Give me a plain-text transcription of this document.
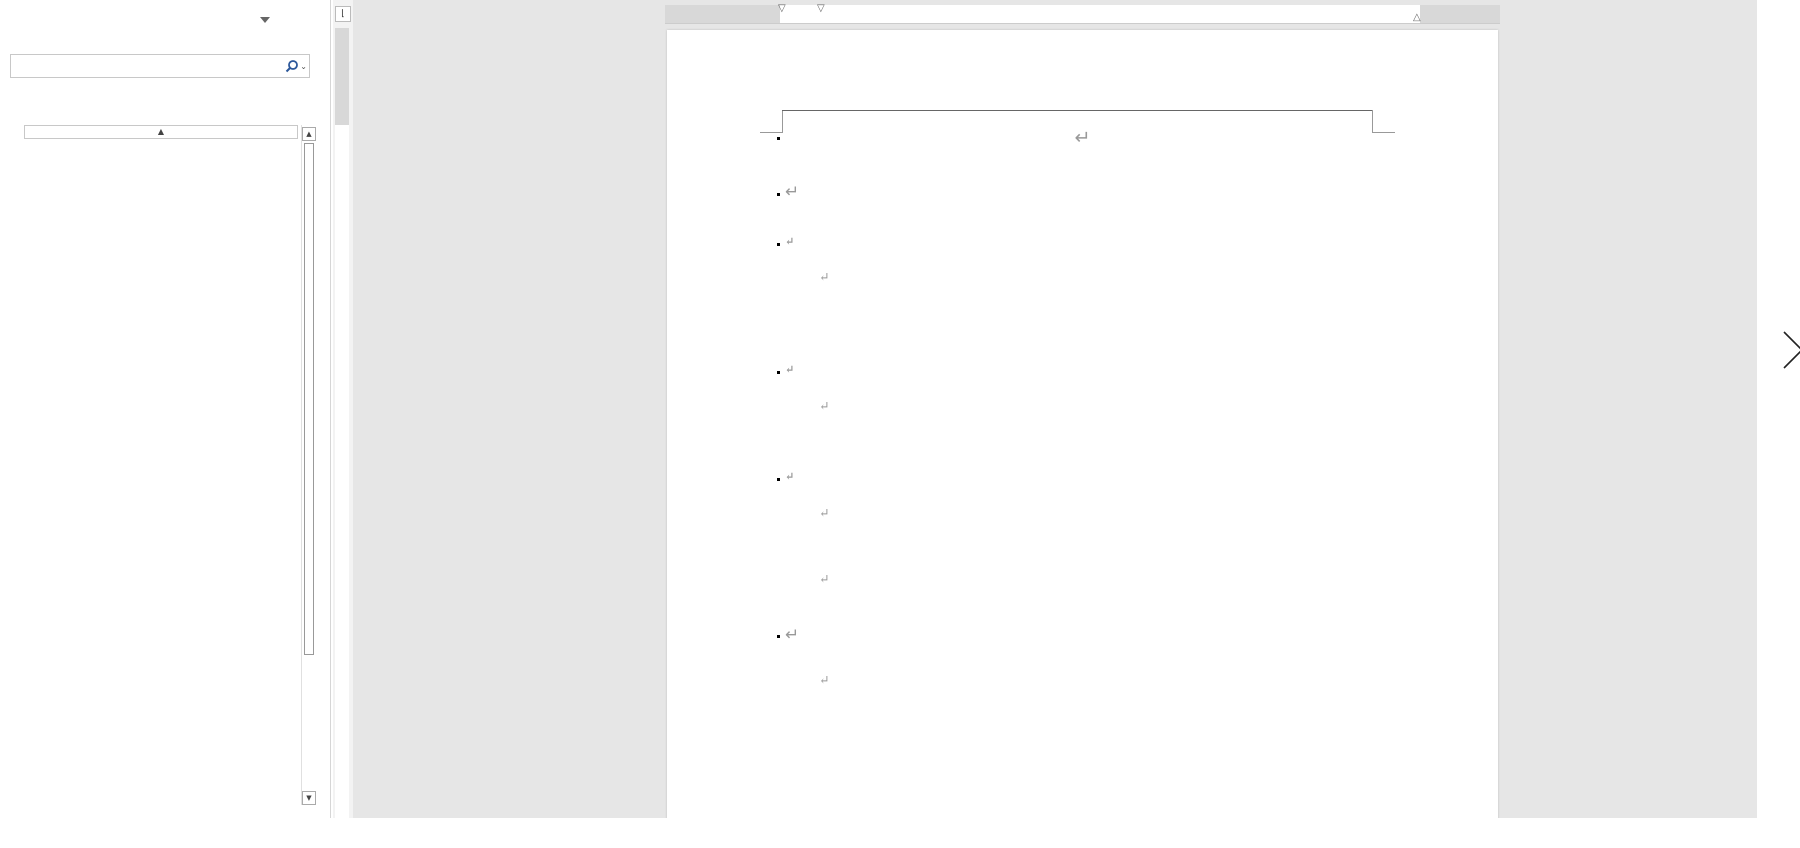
⌄
▲	▲
▼
⌊	▽	▽
△
↵
↵
↵
↵
↵
↵
↵
↵
↵
↵
↵
